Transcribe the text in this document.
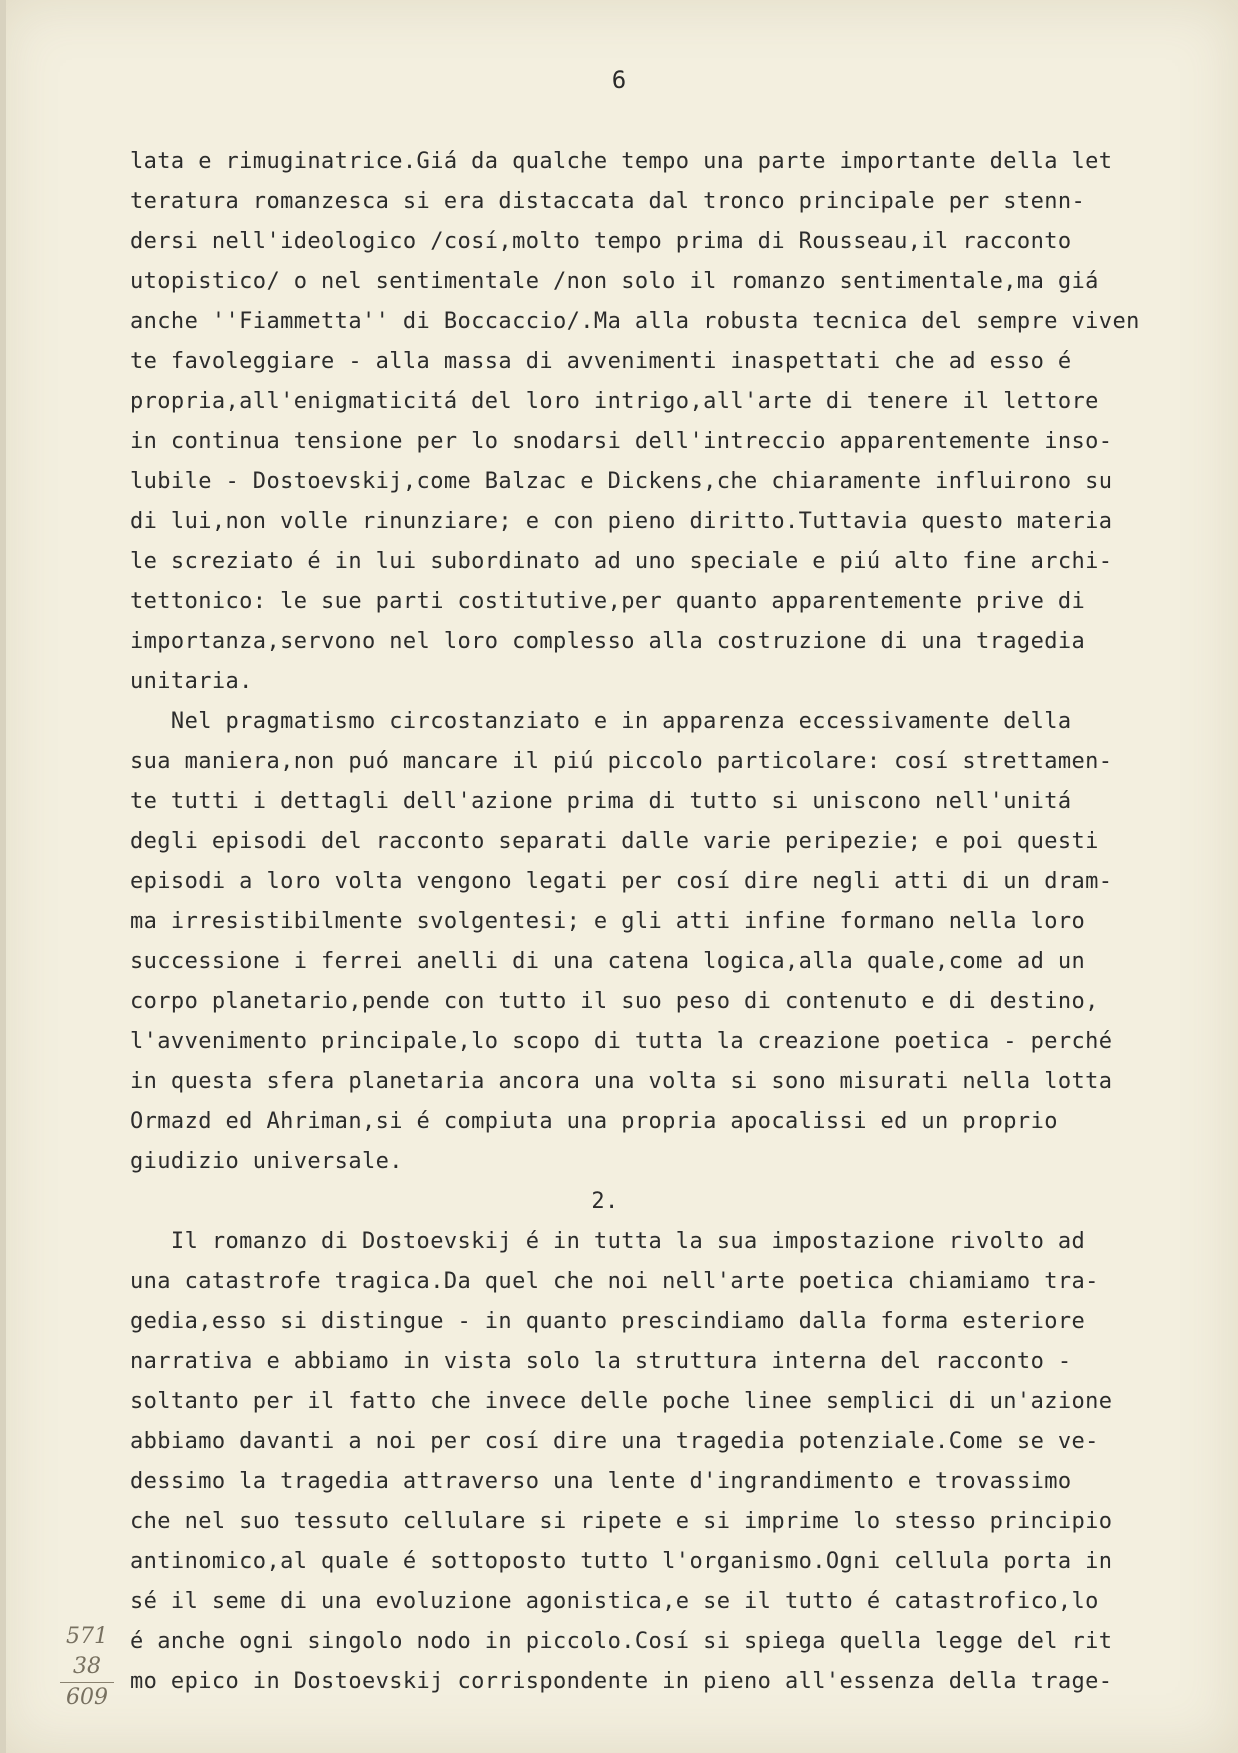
6
lata e rimuginatrice.Giá da qualche tempo una parte importante della let
teratura romanzesca si era distaccata dal tronco principale per stenn-
dersi nell'ideologico /cosí,molto tempo prima di Rousseau,il racconto
utopistico/ o nel sentimentale /non solo il romanzo sentimentale,ma giá
anche ''Fiammetta'' di Boccaccio/.Ma alla robusta tecnica del sempre viven
te favoleggiare - alla massa di avvenimenti inaspettati che ad esso é
propria,all'enigmaticitá del loro intrigo,all'arte di tenere il lettore
in continua tensione per lo snodarsi dell'intreccio apparentemente inso-
lubile - Dostoevskij,come Balzac e Dickens,che chiaramente influirono su
di lui,non volle rinunziare; e con pieno diritto.Tuttavia questo materia
le screziato é in lui subordinato ad uno speciale e piú alto fine archi-
tettonico: le sue parti costitutive,per quanto apparentemente prive di
importanza,servono nel loro complesso alla costruzione di una tragedia
unitaria.
Nel pragmatismo circostanziato e in apparenza eccessivamente della
sua maniera,non puó mancare il piú piccolo particolare: cosí strettamen-
te tutti i dettagli dell'azione prima di tutto si uniscono nell'unitá
degli episodi del racconto separati dalle varie peripezie; e poi questi
episodi a loro volta vengono legati per cosí dire negli atti di un dram-
ma irresistibilmente svolgentesi; e gli atti infine formano nella loro
successione i ferrei anelli di una catena logica,alla quale,come ad un
corpo planetario,pende con tutto il suo peso di contenuto e di destino,
l'avvenimento principale,lo scopo di tutta la creazione poetica - perché
in questa sfera planetaria ancora una volta si sono misurati nella lotta
Ormazd ed Ahriman,si é compiuta una propria apocalissi ed un proprio
giudizio universale.
2.
Il romanzo di Dostoevskij é in tutta la sua impostazione rivolto ad
una catastrofe tragica.Da quel che noi nell'arte poetica chiamiamo tra-
gedia,esso si distingue - in quanto prescindiamo dalla forma esteriore
narrativa e abbiamo in vista solo la struttura interna del racconto -
soltanto per il fatto che invece delle poche linee semplici di un'azione
abbiamo davanti a noi per cosí dire una tragedia potenziale.Come se ve-
dessimo la tragedia attraverso una lente d'ingrandimento e trovassimo
che nel suo tessuto cellulare si ripete e si imprime lo stesso principio
antinomico,al quale é sottoposto tutto l'organismo.Ogni cellula porta in
sé il seme di una evoluzione agonistica,e se il tutto é catastrofico,lo
é anche ogni singolo nodo in piccolo.Cosí si spiega quella legge del rit
mo epico in Dostoevskij corrispondente in pieno all'essenza della trage-
571
38
609
